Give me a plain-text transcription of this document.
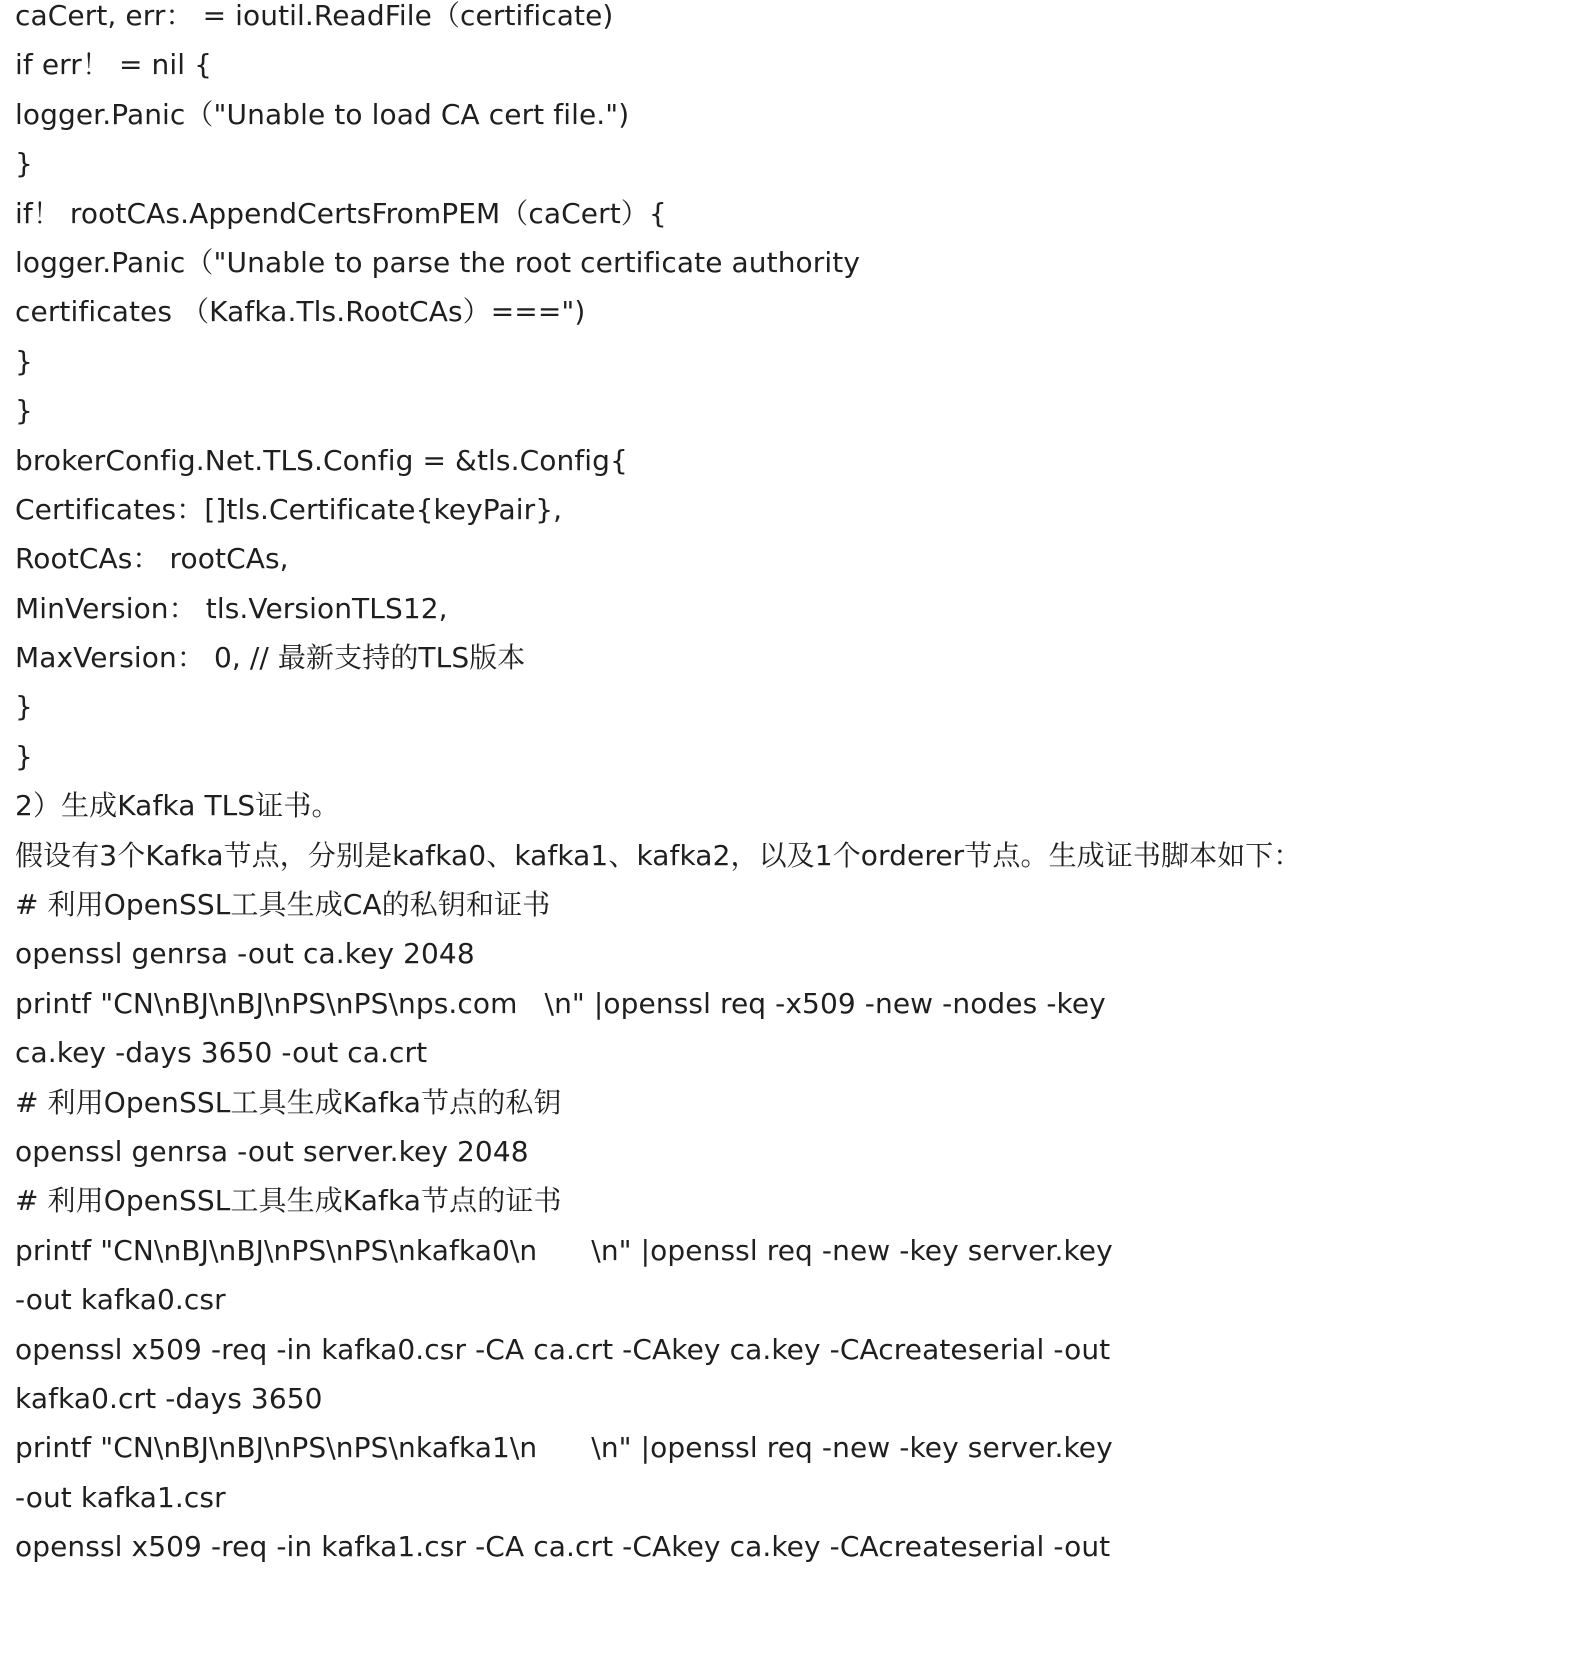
caCert, err： = ioutil.ReadFile（certificate)
if err！ = nil {
logger.Panic（"Unable to load CA cert file.")
}
if！ rootCAs.AppendCertsFromPEM（caCert）{
logger.Panic（"Unable to parse the root certificate authority
certificates （Kafka.Tls.RootCAs）===")
}
}
brokerConfig.Net.TLS.Config = &tls.Config{
Certificates：[]tls.Certificate{keyPair},
RootCAs： rootCAs,
MinVersion： tls.VersionTLS12,
MaxVersion： 0, // 最新支持的TLS版本
}
}
2）生成Kafka TLS证书。
假设有3个Kafka节点，分别是kafka0、kafka1、kafka2，以及1个orderer节点。生成证书脚本如下：
# 利用OpenSSL工具生成CA的私钥和证书
openssl genrsa -out ca.key 2048
printf "CN\nBJ\nBJ\nPS\nPS\nps.com   \n" |openssl req -x509 -new -nodes -key
ca.key -days 3650 -out ca.crt
# 利用OpenSSL工具生成Kafka节点的私钥
openssl genrsa -out server.key 2048
# 利用OpenSSL工具生成Kafka节点的证书
printf "CN\nBJ\nBJ\nPS\nPS\nkafka0\n      \n" |openssl req -new -key server.key
-out kafka0.csr
openssl x509 -req -in kafka0.csr -CA ca.crt -CAkey ca.key -CAcreateserial -out
kafka0.crt -days 3650
printf "CN\nBJ\nBJ\nPS\nPS\nkafka1\n      \n" |openssl req -new -key server.key
-out kafka1.csr
openssl x509 -req -in kafka1.csr -CA ca.crt -CAkey ca.key -CAcreateserial -out
